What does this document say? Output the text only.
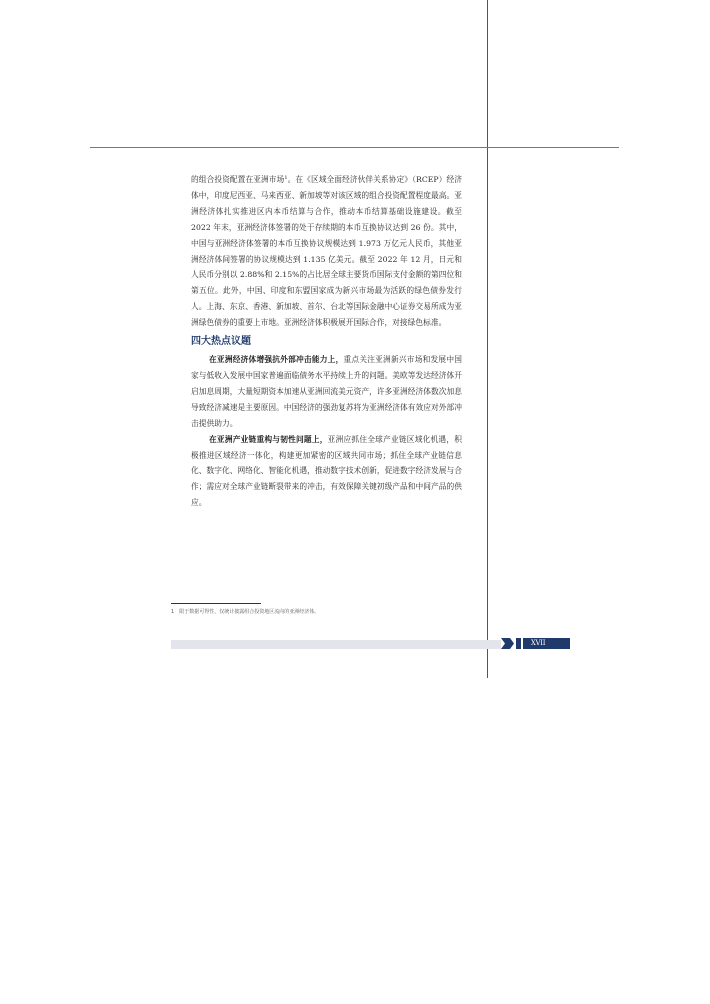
的组合投资配置在亚洲市场$^1$。在《区域全面经济伙伴关系协定》（RCEP）经济体中，印度尼西亚、马来西亚、新加坡等对该区域的组合投资配置程度最高。亚洲经济体扎实推进区内本币结算与合作，推动本币结算基础设施建设。截至 2022 年末，亚洲经济体签署的处于存续期的本币互换协议达到 26 份。其中，中国与亚洲经济体签署的本币互换协议规模达到 1.973 万亿元人民币，其他亚洲经济体间签署的协议规模达到 1.135 亿美元。截至 2022 年 12 月，日元和人民币分别以 2.88%和 2.15%的占比居全球主要货币国际支付金额的第四位和第五位。此外，中国、印度和东盟国家成为新兴市场最为活跃的绿色债券发行人。上海、东京、香港、新加坡、首尔、台北等国际金融中心证券交易所成为亚洲绿色债券的重要上市地。亚洲经济体积极展开国际合作，对接绿色标准。

四大热点议题

在亚洲经济体增强抗外部冲击能力上，重点关注亚洲新兴市场和发展中国家与低收入发展中国家普遍面临债务水平持续上升的问题。美欧等发达经济体开启加息周期，大量短期资本加速从亚洲回流美元资产，许多亚洲经济体数次加息导致经济减速是主要原因。中国经济的强劲复苏将为亚洲经济体有效应对外部冲击提供助力。

在亚洲产业链重构与韧性问题上，亚洲应抓住全球产业链区域化机遇，积极推进区域经济一体化，构建更加紧密的区域共同市场；抓住全球产业链信息化、数字化、网络化、智能化机遇，推动数字技术创新，促进数字经济发展与合作；需应对全球产业链断裂带来的冲击，有效保障关键初级产品和中间产品的供应。

1 限于数据可得性，仅统计披露组合投资地区流向的亚洲经济体。
XVII
